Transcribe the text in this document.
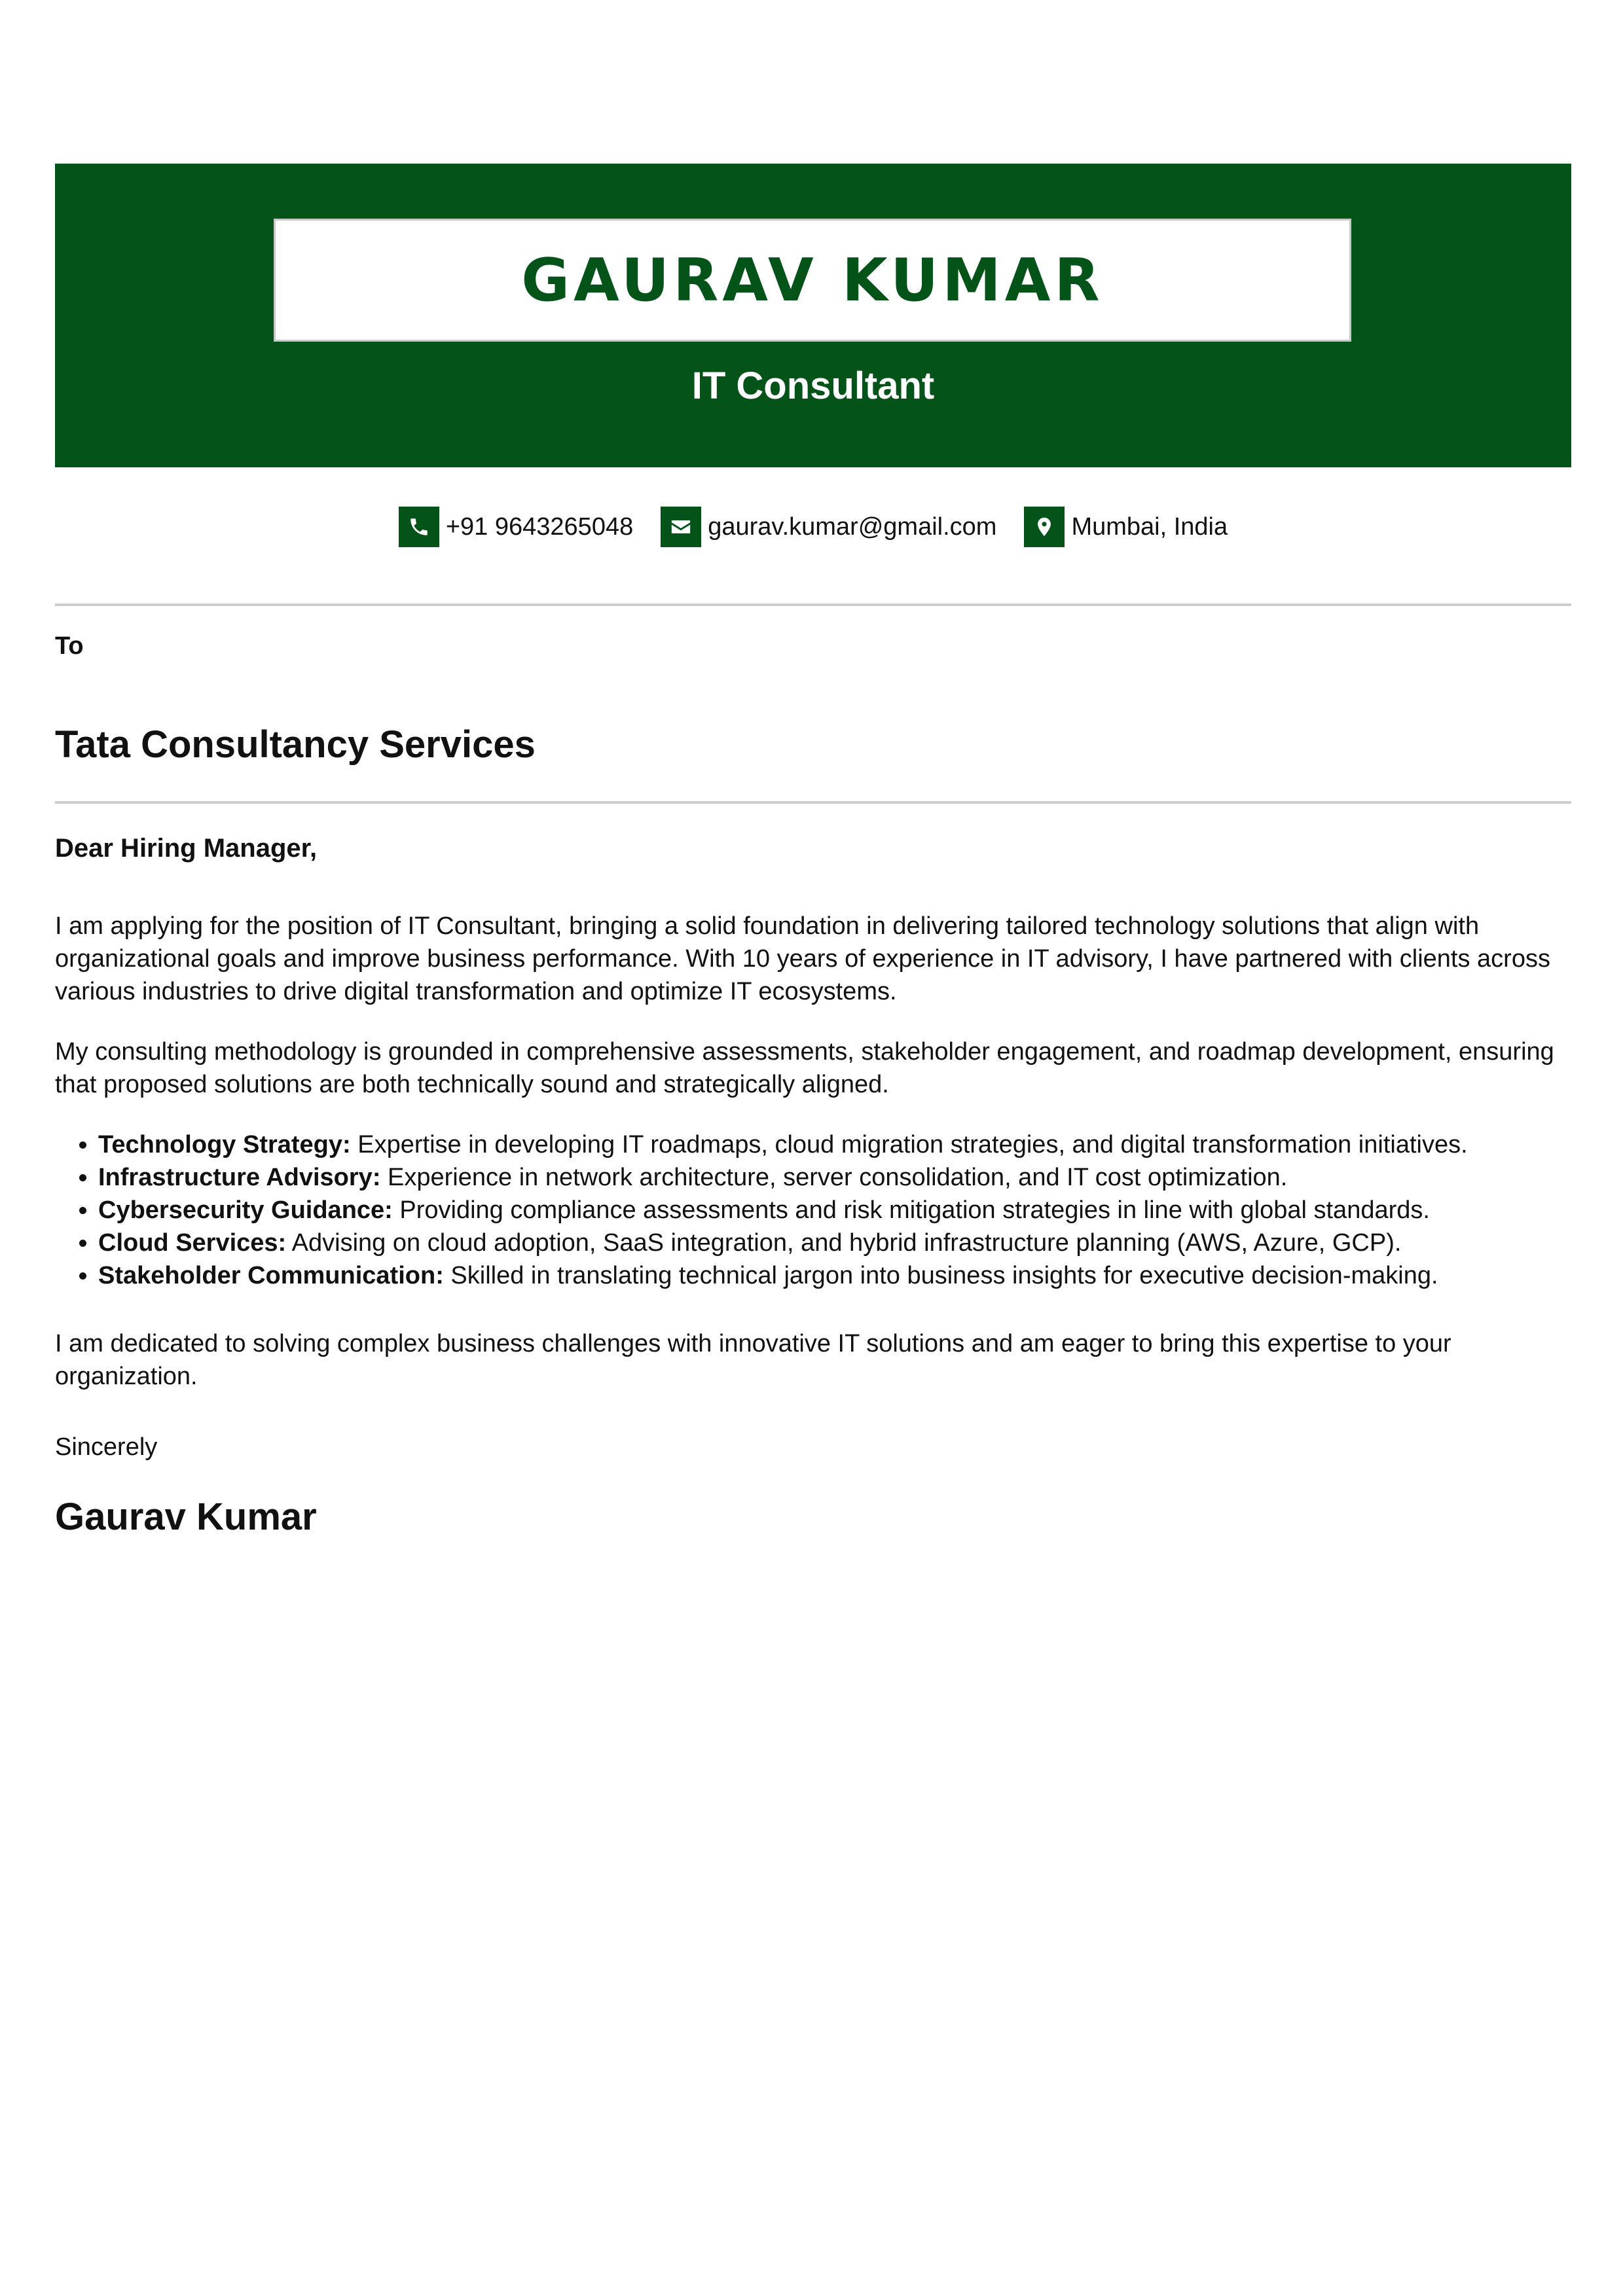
GAURAV KUMAR
IT Consultant
+91 9643265048	gaurav.kumar@gmail.com	Mumbai, India
To
Tata Consultancy Services
Dear Hiring Manager,
I am applying for the position of IT Consultant, bringing a solid foundation in delivering tailored technology solutions that align with organizational goals and improve business performance. With 10 years of experience in IT advisory, I have partnered with clients across various industries to drive digital transformation and optimize IT ecosystems.
My consulting methodology is grounded in comprehensive assessments, stakeholder engagement, and roadmap development, ensuring that proposed solutions are both technically sound and strategically aligned.
• Technology Strategy: Expertise in developing IT roadmaps, cloud migration strategies, and digital transformation initiatives.
• Infrastructure Advisory: Experience in network architecture, server consolidation, and IT cost optimization.
• Cybersecurity Guidance: Providing compliance assessments and risk mitigation strategies in line with global standards.
• Cloud Services: Advising on cloud adoption, SaaS integration, and hybrid infrastructure planning (AWS, Azure, GCP).
• Stakeholder Communication: Skilled in translating technical jargon into business insights for executive decision-making.
I am dedicated to solving complex business challenges with innovative IT solutions and am eager to bring this expertise to your organization.
Sincerely
Gaurav Kumar
